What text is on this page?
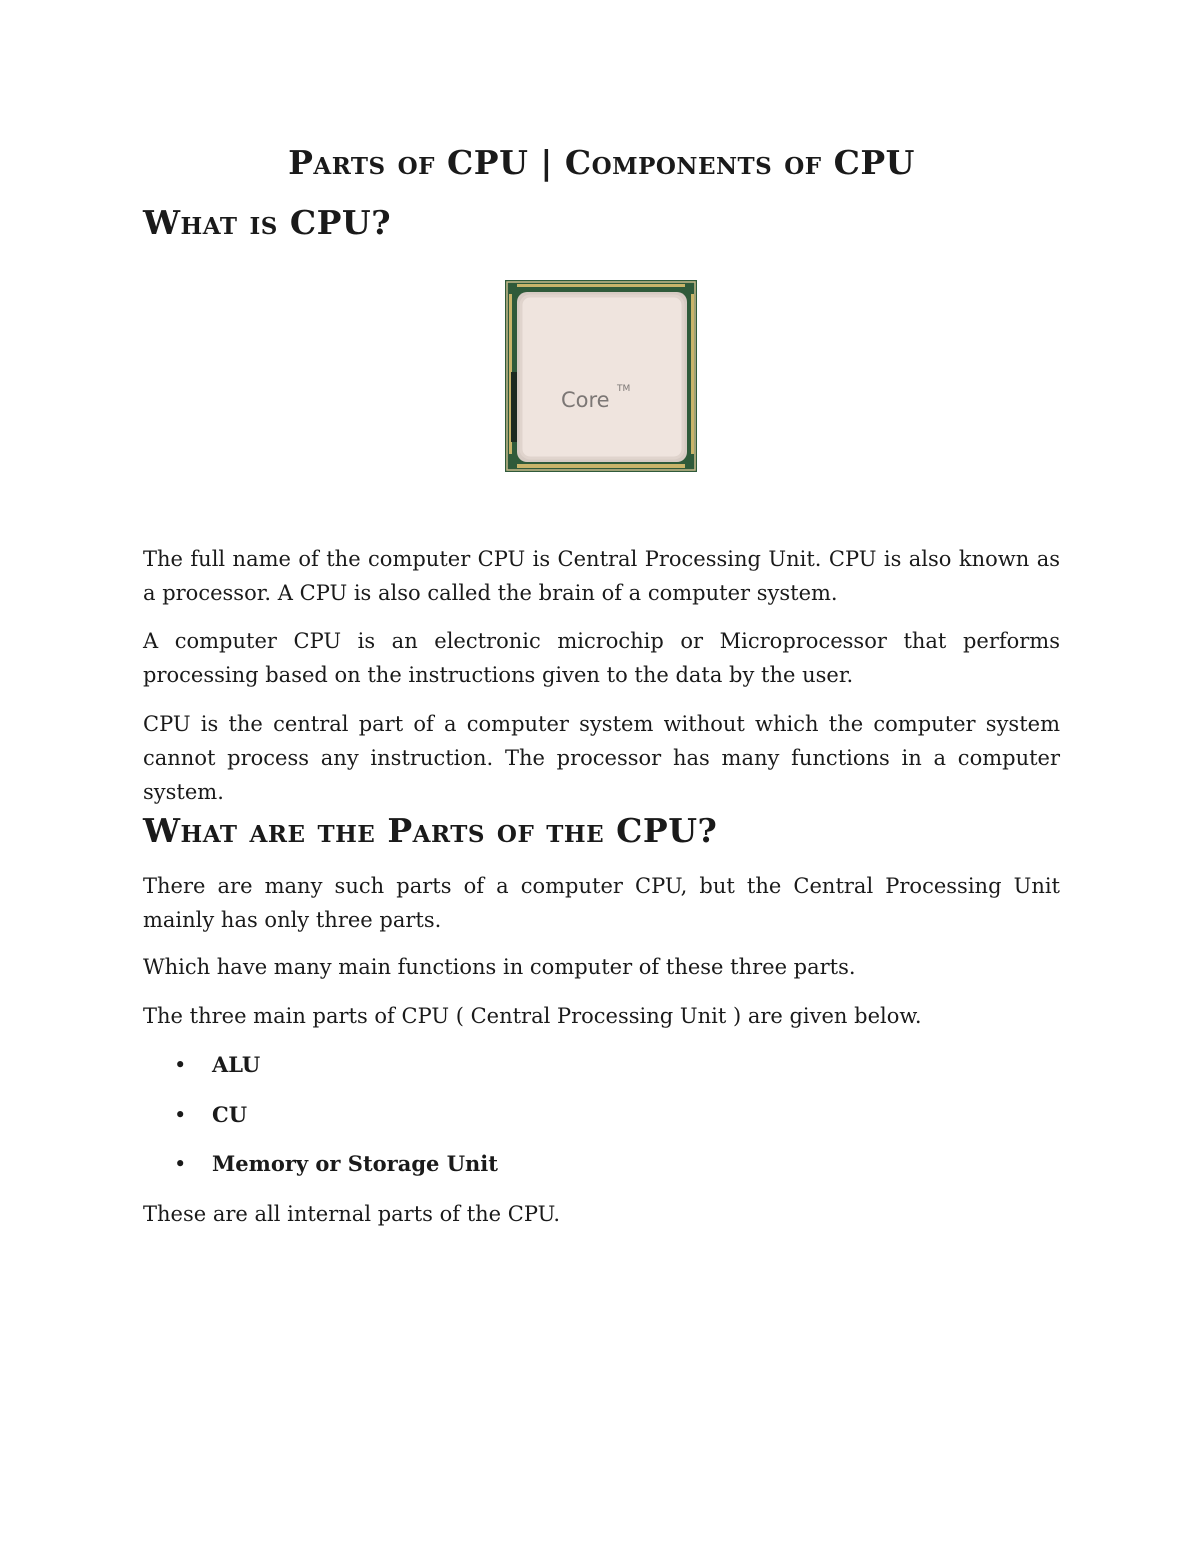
Parts of CPU | Components of CPU
What is CPU?
Core TM

The full name of the computer CPU is Central Processing Unit. CPU is also known as a processor. A CPU is also called the brain of a computer system.

A computer CPU is an electronic microchip or Microprocessor that performs processing based on the instructions given to the data by the user.

CPU is the central part of a computer system without which the computer system cannot process any instruction. The processor has many functions in a computer system.

What are the Parts of the CPU?

There are many such parts of a computer CPU, but the Central Processing Unit mainly has only three parts.

Which have many main functions in computer of these three parts.

The three main parts of CPU ( Central Processing Unit ) are given below.

• ALU
• CU
• Memory or Storage Unit

These are all internal parts of the CPU.
